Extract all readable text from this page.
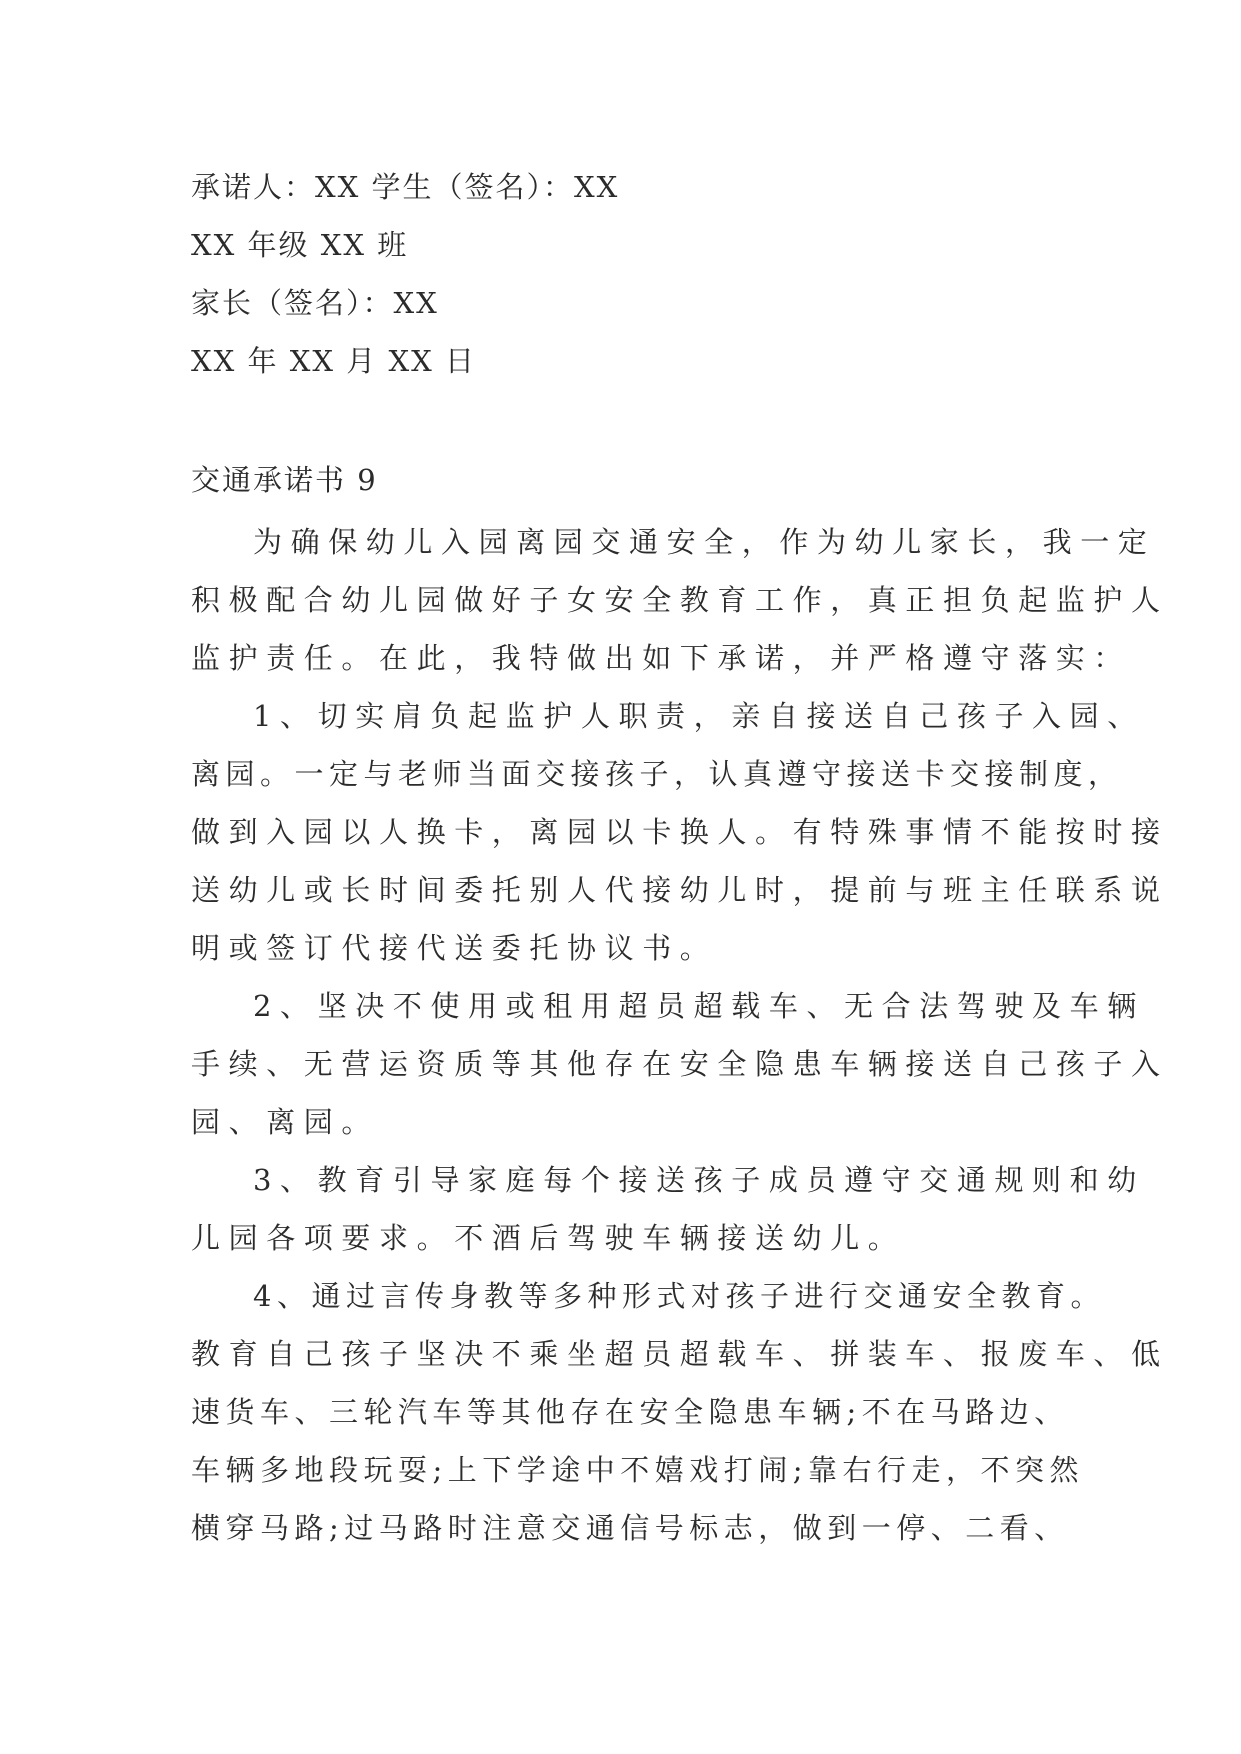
承诺人：XX 学生（签名）：XX

XX 年级 XX 班

家长（签名）：XX

XX 年 XX 月 XX 日

交通承诺书 9

为确保幼儿入园离园交通安全，作为幼儿家长，我一定

积极配合幼儿园做好子女安全教育工作，真正担负起监护人

监护责任。在此，我特做出如下承诺，并严格遵守落实：

1、切实肩负起监护人职责，亲自接送自己孩子入园、

离园。一定与老师当面交接孩子，认真遵守接送卡交接制度，

做到入园以人换卡，离园以卡换人。有特殊事情不能按时接

送幼儿或长时间委托别人代接幼儿时，提前与班主任联系说

明或签订代接代送委托协议书。

2、坚决不使用或租用超员超载车、无合法驾驶及车辆

手续、无营运资质等其他存在安全隐患车辆接送自己孩子入

园、离园。

3、教育引导家庭每个接送孩子成员遵守交通规则和幼

儿园各项要求。不酒后驾驶车辆接送幼儿。

4、通过言传身教等多种形式对孩子进行交通安全教育。

教育自己孩子坚决不乘坐超员超载车、拼装车、报废车、低

速货车、三轮汽车等其他存在安全隐患车辆;不在马路边、

车辆多地段玩耍;上下学途中不嬉戏打闹;靠右行走，不突然

横穿马路;过马路时注意交通信号标志，做到一停、二看、
